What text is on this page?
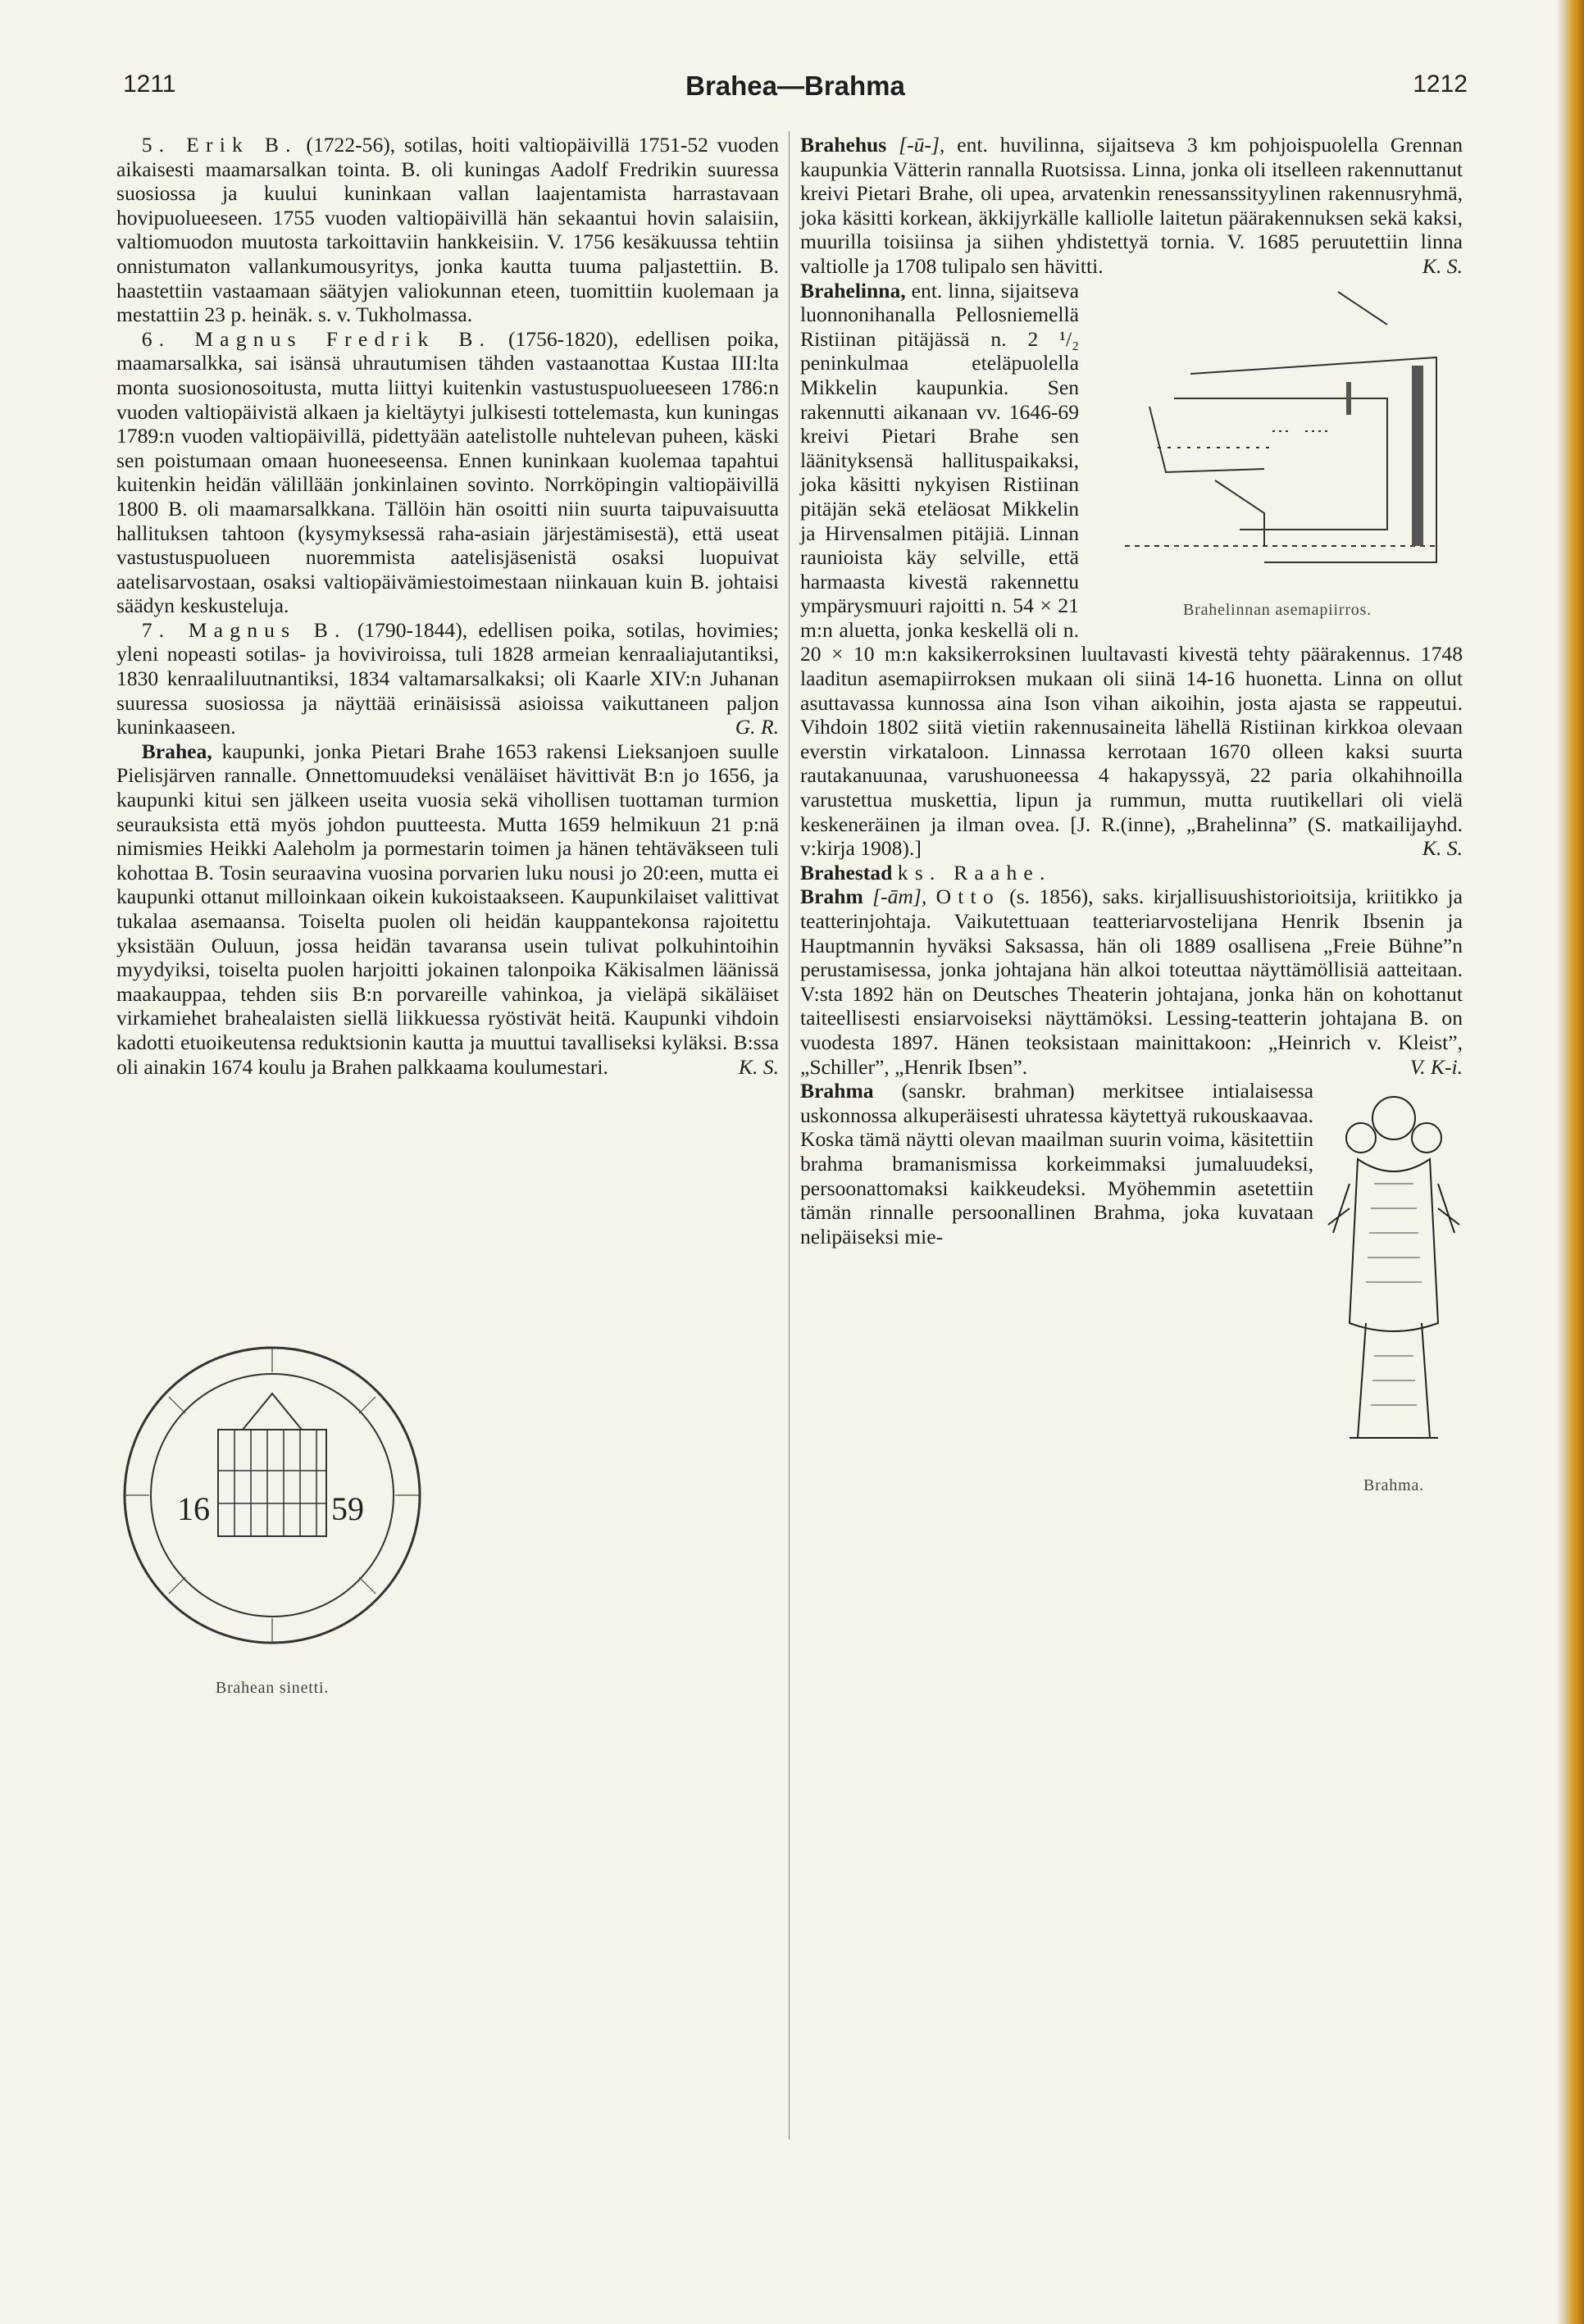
1211	Brahea—Brahma	1212

5. Erik B. (1722-56), sotilas, hoiti valtiopäivillä 1751-52 vuoden aikaisesti maamarsalkan tointa. B. oli kuningas Aadolf Fredrikin suuressa suosiossa ja kuului kuninkaan vallan laajentamista harrastavaan hovipuolueeseen. 1755 vuoden valtiopäivillä hän sekaantui hovin salaisiin, valtiomuodon muutosta tarkoittaviin hankkeisiin. V. 1756 kesäkuussa tehtiin onnistumaton vallankumousyritys, jonka kautta tuuma paljastettiin. B. haastettiin vastaamaan säätyjen valiokunnan eteen, tuomittiin kuolemaan ja mestattiin 23 p. heinäk. s. v. Tukholmassa.

6. Magnus Fredrik B. (1756-1820), edellisen poika, maamarsalkka, sai isänsä uhrautumisen tähden vastaanottaa Kustaa III:lta monta suosionosoitusta, mutta liittyi kuitenkin vastustuspuolueeseen 1786:n vuoden valtiopäivistä alkaen ja kieltäytyi julkisesti tottelemasta, kun kuningas 1789:n vuoden valtiopäivillä, pidettyään aatelistolle nuhtelevan puheen, käski sen poistumaan omaan huoneeseensa. Ennen kuninkaan kuolemaa tapahtui kuitenkin heidän välillään jonkinlainen sovinto. Norrköpingin valtiopäivillä 1800 B. oli maamarsalkkana. Tällöin hän osoitti niin suurta taipuvaisuutta hallituksen tahtoon (kysymyksessä raha-asiain järjestämisestä), että useat vastustuspuolueen nuoremmista aatelisjäsenistä osaksi luopuivat aatelisarvostaan, osaksi valtiopäivämiestoimestaan niinkauan kuin B. johtaisi säädyn keskusteluja.

7. Magnus B. (1790-1844), edellisen poika, sotilas, hovimies; yleni nopeasti sotilas- ja hoviviroissa, tuli 1828 armeian kenraaliajutantiksi, 1830 kenraaliluutnantiksi, 1834 valtamarsalkaksi; oli Kaarle XIV:n Juhanan suuressa suosiossa ja näyttää erinäisissä asioissa vaikuttaneen paljon kuninkaaseen.	G. R.

Brahea, kaupunki, jonka Pietari Brahe 1653 rakensi Lieksanjoen suulle Pielisjärven rannalle. Onnettomuudeksi venäläiset hävittivät B:n jo 1656, ja kaupunki kitui sen jälkeen useita vuosia sekä vihollisen tuottaman turmion seurauksista että myös johdon puutteesta. Mutta 1659 helmikuun 21 p:nä nimismies Heikki Aaleholm ja pormestarin toimen ja hänen tehtäväkseen tuli kohottaa B. Tosin seuraavina vuosina porvarien luku nousi jo 20:een, mutta ei kaupunki ottanut milloinkaan oikein kukoistaakseen. Kaupunkilaiset valittivat tukalaa asemaansa. Toiselta puolen oli heidän kauppantekonsa rajoitettu yksistään Ouluun, jossa heidän tavaransa usein tulivat polkuhintoihin myydyiksi, toiselta puolen harjoitti jokainen talonpoika Käkisalmen läänissä maakauppaa, tehden siis B:n porvareille vahinkoa, ja vieläpä sikäläiset virkamiehet brahealaisten siellä liikkuessa ryöstivät heitä. Kaupunki vihdoin kadotti etuoikeutensa reduktsionin kautta ja muuttui tavalliseksi kyläksi. B:ssa oli ainakin 1674 koulu ja Brahen palkkaama koulumestari.	K. S.

16	59
Brahean sinetti.

Brahehus [-ū-], ent. huvilinna, sijaitseva 3 km pohjoispuolella Grennan kaupunkia Vätterin rannalla Ruotsissa. Linna, jonka oli itselleen rakennuttanut kreivi Pietari Brahe, oli upea, arvatenkin renessanssityylinen rakennusryhmä, joka käsitti korkean, äkkijyrkälle kalliolle laitetun päärakennuksen sekä kaksi, muurilla toisiinsa ja siihen yhdistettyä tornia. V. 1685 peruutettiin linna valtiolle ja 1708 tulipalo sen hävitti.	K. S.

Brahelinnan asemapiirros.
Brahelinna, ent. linna, sijaitseva luonnonihanalla Pellosniemellä Ristiinan pitäjässä n. 2 ¹/₂ peninkulmaa eteläpuolella Mikkelin kaupunkia. Sen rakennutti aikanaan vv. 1646-69 kreivi Pietari Brahe sen läänityksensä hallituspaikaksi, joka käsitti nykyisen Ristiinan pitäjän sekä eteläosat Mikkelin ja Hirvensalmen pitäjiä. Linnan raunioista käy selville, että harmaasta kivestä rakennettu ympärysmuuri rajoitti n. 54 × 21 m:n aluetta, jonka keskellä oli n. 20 × 10 m:n kaksikerroksinen luultavasti kivestä tehty päärakennus. 1748 laaditun asemapiirroksen mukaan oli siinä 14-16 huonetta. Linna on ollut asuttavassa kunnossa aina Ison vihan aikoihin, josta ajasta se rappeutui. Vihdoin 1802 siitä vietiin rakennusaineita lähellä Ristiinan kirkkoa olevaan everstin virkataloon. Linnassa kerrotaan 1670 olleen kaksi suurta rautakanuunaa, varushuoneessa 4 hakapyssyä, 22 paria olkahihnoilla varustettua muskettia, lipun ja rummun, mutta ruutikellari oli vielä keskeneräinen ja ilman ovea. [J. R.(inne), „Brahelinna” (S. matkailijayhd. v:kirja 1908).]	K. S.

Brahestad ks. Raahe.

Brahm [-ām], Otto (s. 1856), saks. kirjallisuushistorioitsija, kriitikko ja teatterinjohtaja. Vaikutettuaan teatteriarvostelijana Henrik Ibsenin ja Hauptmannin hyväksi Saksassa, hän oli 1889 osallisena „Freie Bühne”n perustamisessa, jonka johtajana hän alkoi toteuttaa näyttämöllisiä aatteitaan. V:sta 1892 hän on Deutsches Theaterin johtajana, jonka hän on kohottanut taiteellisesti ensiarvoiseksi näyttämöksi. Lessing-teatterin johtajana B. on vuodesta 1897. Hänen teoksistaan mainittakoon: „Heinrich v. Kleist”, „Schiller”, „Henrik Ibsen”.	V. K-i.

Brahma.
Brahma (sanskr. brahman) merkitsee intialaisessa uskonnossa alkuperäisesti uhratessa käytettyä rukouskaavaa. Koska tämä näytti olevan maailman suurin voima, käsitettiin brahma bramanismissa korkeimmaksi jumaluudeksi, persoonattomaksi kaikkeudeksi. Myöhemmin asetettiin tämän rinnalle persoonallinen Brahma, joka kuvataan nelipäiseksi mie-
